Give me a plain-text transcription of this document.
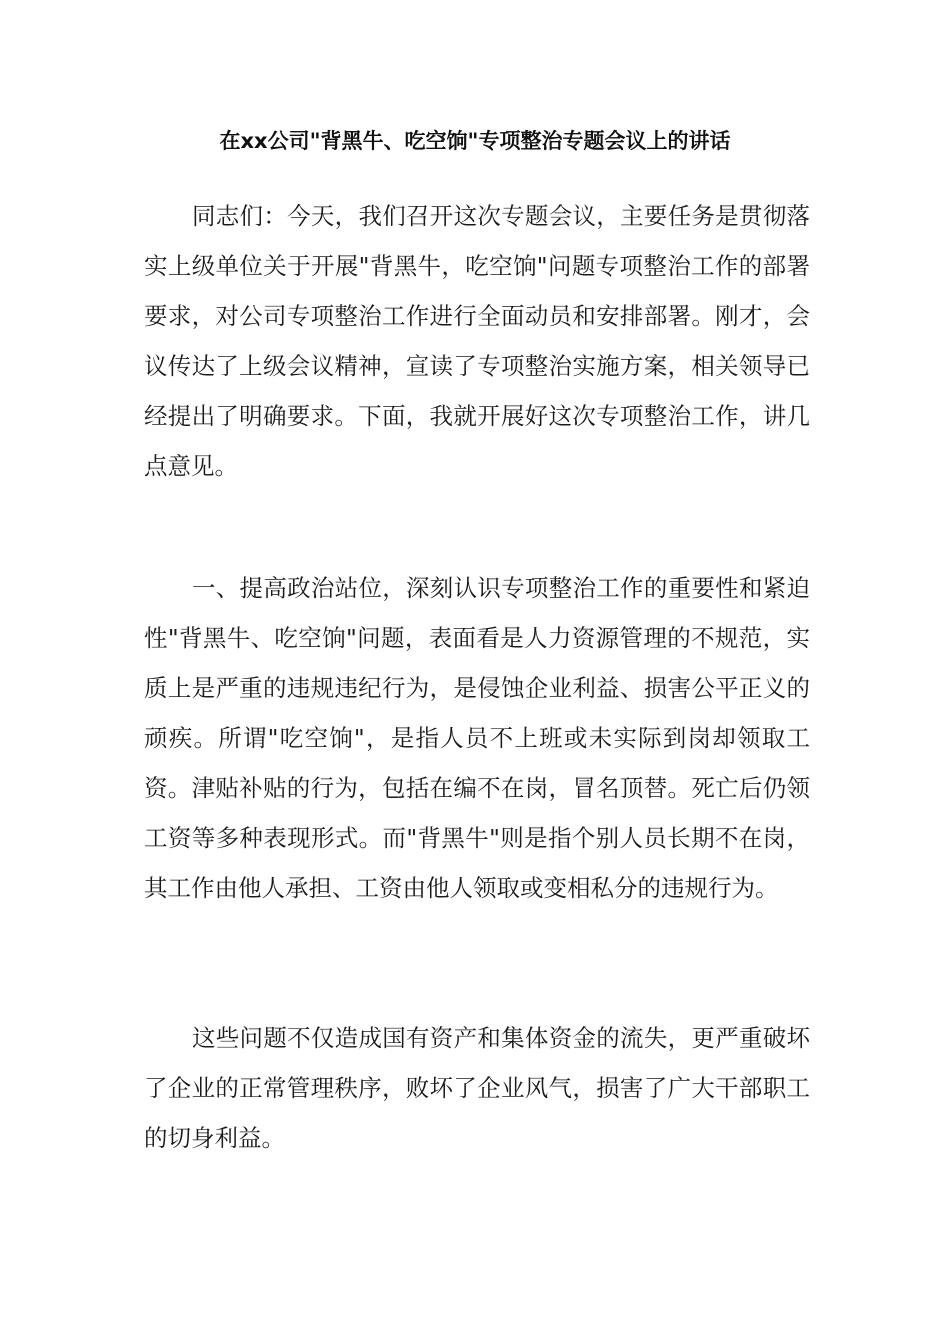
在xx公司"背黑牛、吃空饷"专项整治专题会议上的讲话

同志们：今天，我们召开这次专题会议，主要任务是贯彻落实上级单位关于开展"背黑牛，吃空饷"问题专项整治工作的部署要求，对公司专项整治工作进行全面动员和安排部署。刚才，会议传达了上级会议精神，宣读了专项整治实施方案，相关领导已经提出了明确要求。下面，我就开展好这次专项整治工作，讲几点意见。

一、提高政治站位，深刻认识专项整治工作的重要性和紧迫性"背黑牛、吃空饷"问题，表面看是人力资源管理的不规范，实质上是严重的违规违纪行为，是侵蚀企业利益、损害公平正义的顽疾。所谓"吃空饷"，是指人员不上班或未实际到岗却领取工资。津贴补贴的行为，包括在编不在岗，冒名顶替。死亡后仍领工资等多种表现形式。而"背黑牛"则是指个别人员长期不在岗，其工作由他人承担、工资由他人领取或变相私分的违规行为。

这些问题不仅造成国有资产和集体资金的流失，更严重破坏了企业的正常管理秩序，败坏了企业风气，损害了广大干部职工的切身利益。
